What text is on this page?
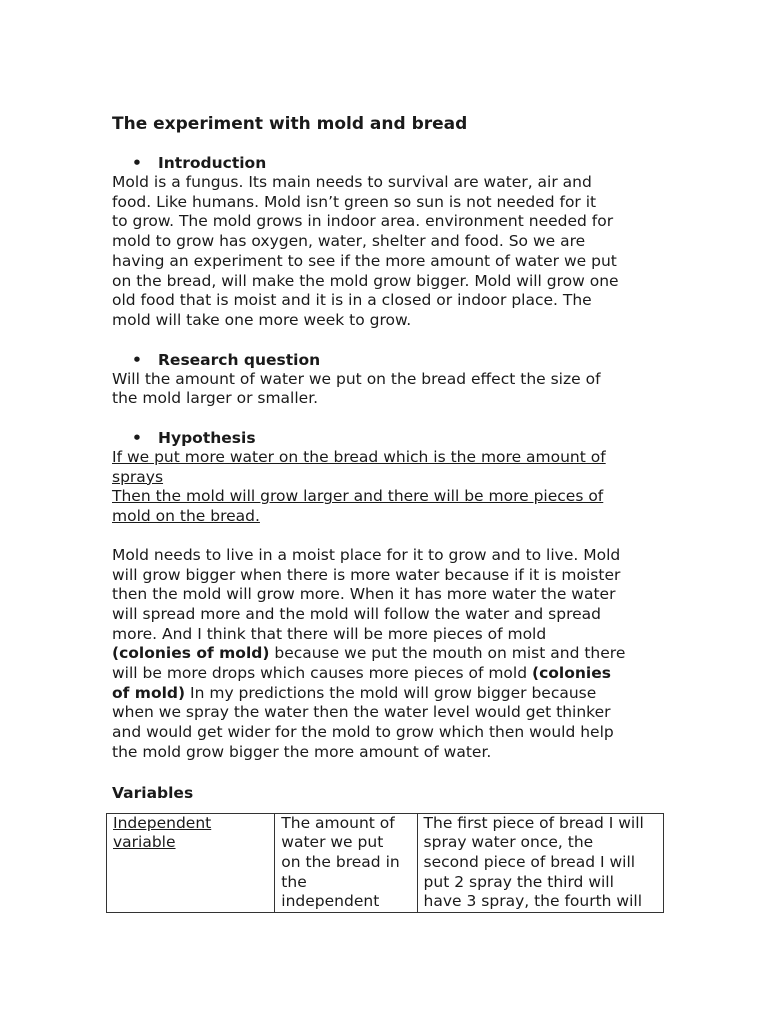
The experiment with mold and bread
• Introduction
Mold is a fungus. Its main needs to survival are water, air and
food. Like humans. Mold isn’t green so sun is not needed for it
to grow. The mold grows in indoor area. environment needed for
mold to grow has oxygen, water, shelter and food. So we are
having an experiment to see if the more amount of water we put
on the bread, will make the mold grow bigger. Mold will grow one
old food that is moist and it is in a closed or indoor place. The
mold will take one more week to grow.
• Research question
Will the amount of water we put on the bread effect the size of
the mold larger or smaller.
• Hypothesis
If we put more water on the bread which is the more amount of
sprays
Then the mold will grow larger and there will be more pieces of
mold on the bread.
Mold needs to live in a moist place for it to grow and to live. Mold
will grow bigger when there is more water because if it is moister
then the mold will grow more. When it has more water the water
will spread more and the mold will follow the water and spread
more. And I think that there will be more pieces of mold
(colonies of mold) because we put the mouth on mist and there
will be more drops which causes more pieces of mold (colonies
of mold) In my predictions the mold will grow bigger because
when we spray the water then the water level would get thinker
and would get wider for the mold to grow which then would help
the mold grow bigger the more amount of water.
Variables
Independent
variable

The amount of
water we put
on the bread in
the
independent

The first piece of bread I will
spray water once, the
second piece of bread I will
put 2 spray the third will
have 3 spray, the fourth will
